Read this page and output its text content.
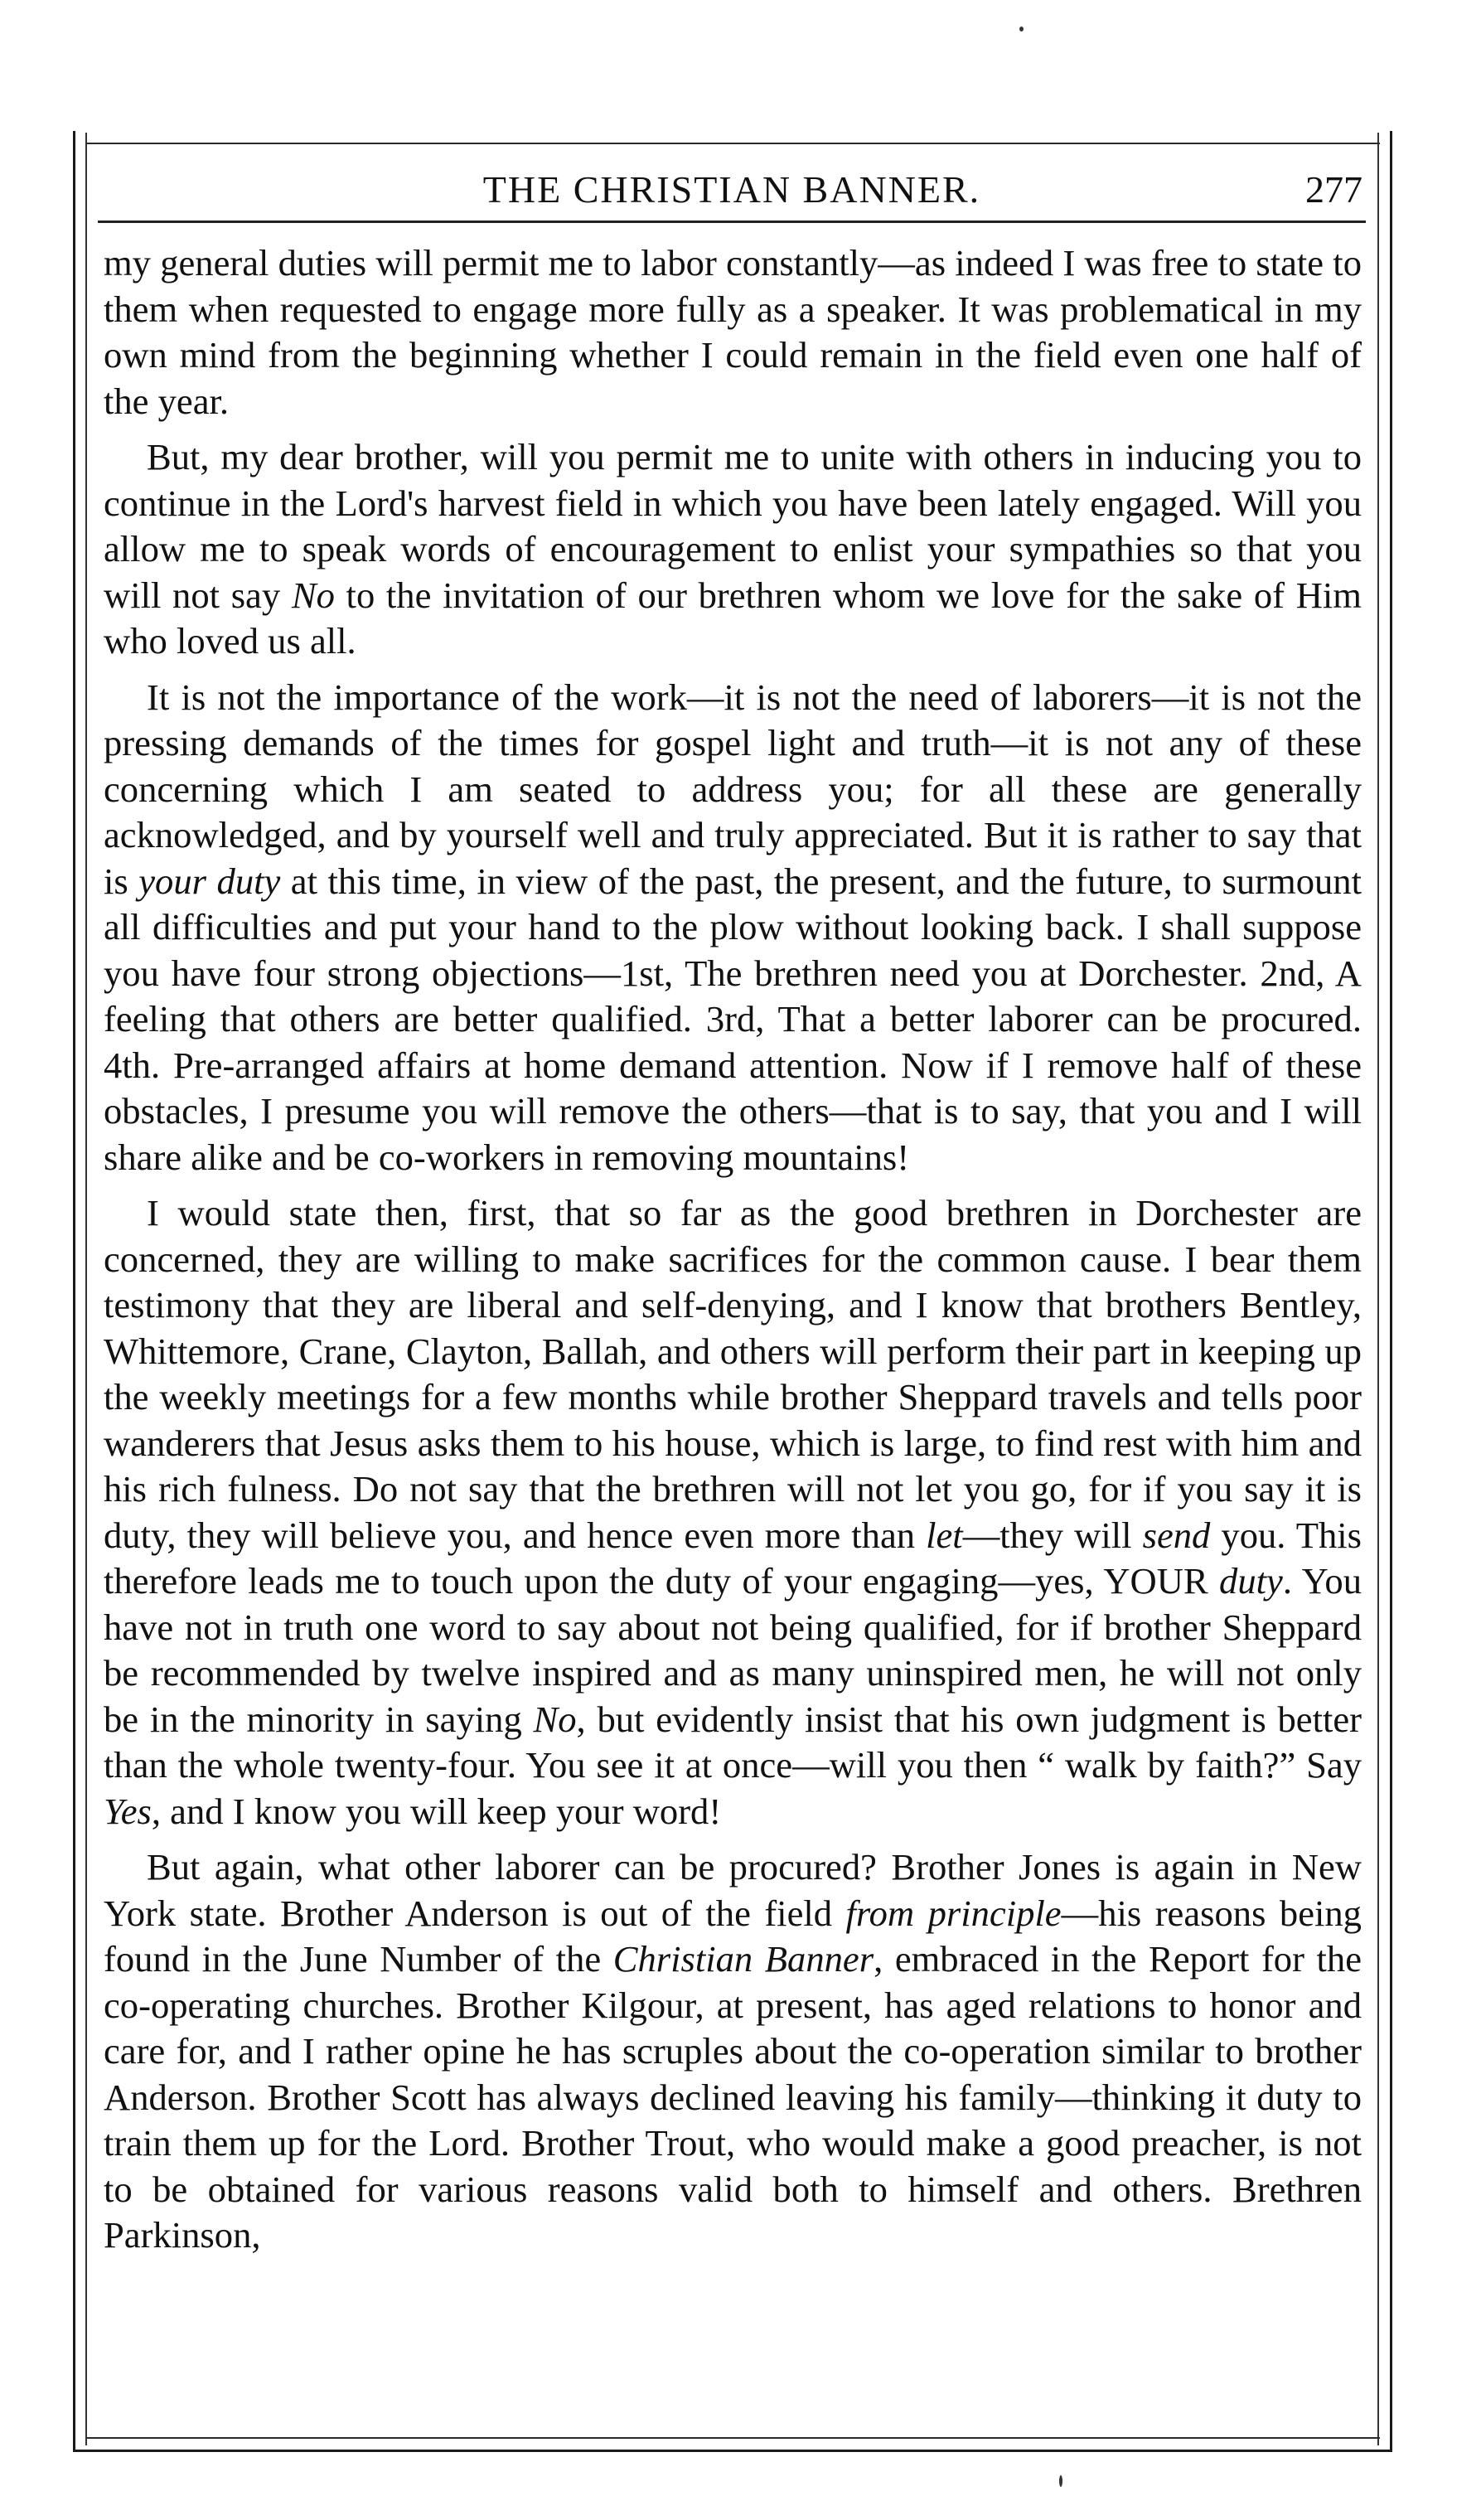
THE CHRISTIAN BANNER.	277

my general duties will permit me to labor constantly—as indeed I was free to state to them when requested to engage more fully as a speaker. It was problematical in my own mind from the beginning whether I could remain in the field even one half of the year.

But, my dear brother, will you permit me to unite with others in inducing you to continue in the Lord's harvest field in which you have been lately engaged. Will you allow me to speak words of encouragement to enlist your sympathies so that you will not say No to the invitation of our brethren whom we love for the sake of Him who loved us all.

It is not the importance of the work—it is not the need of laborers—it is not the pressing demands of the times for gospel light and truth—it is not any of these concerning which I am seated to address you; for all these are generally acknowledged, and by yourself well and truly appreciated. But it is rather to say that is your duty at this time, in view of the past, the present, and the future, to surmount all difficulties and put your hand to the plow without looking back. I shall suppose you have four strong objections—1st, The brethren need you at Dorchester. 2nd, A feeling that others are better qualified. 3rd, That a better laborer can be procured. 4th. Pre-arranged affairs at home demand attention. Now if I remove half of these obstacles, I presume you will remove the others—that is to say, that you and I will share alike and be co-workers in removing mountains!

I would state then, first, that so far as the good brethren in Dorchester are concerned, they are willing to make sacrifices for the common cause. I bear them testimony that they are liberal and self-denying, and I know that brothers Bentley, Whittemore, Crane, Clayton, Ballah, and others will perform their part in keeping up the weekly meetings for a few months while brother Sheppard travels and tells poor wanderers that Jesus asks them to his house, which is large, to find rest with him and his rich fulness. Do not say that the brethren will not let you go, for if you say it is duty, they will believe you, and hence even more than let—they will send you. This therefore leads me to touch upon the duty of your engaging—yes, YOUR duty. You have not in truth one word to say about not being qualified, for if brother Sheppard be recommended by twelve inspired and as many uninspired men, he will not only be in the minority in saying No, but evidently insist that his own judgment is better than the whole twenty-four. You see it at once—will you then “ walk by faith?” Say Yes, and I know you will keep your word!

But again, what other laborer can be procured? Brother Jones is again in New York state. Brother Anderson is out of the field from principle—his reasons being found in the June Number of the Christian Banner, embraced in the Report for the co-operating churches. Brother Kilgour, at present, has aged relations to honor and care for, and I rather opine he has scruples about the co-operation similar to brother Anderson. Brother Scott has always declined leaving his family—thinking it duty to train them up for the Lord. Brother Trout, who would make a good preacher, is not to be obtained for various reasons valid both to himself and others. Brethren Parkinson,
